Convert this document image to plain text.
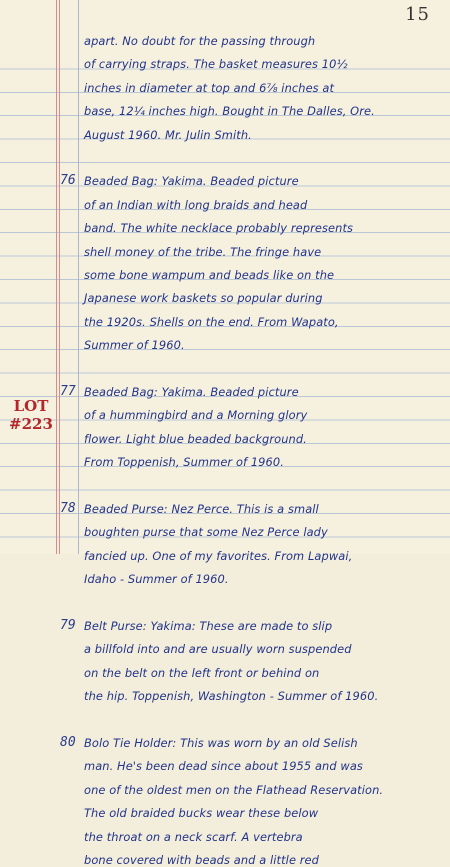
15
LOT
#223
apart. No doubt for the passing through
of carrying straps. The basket measures 10½
inches in diameter at top and 6⅞ inches at
base, 12¼ inches high. Bought in The Dalles, Ore.
August 1960. Mr. Julin Smith.
76 Beaded Bag: Yakima. Beaded picture
of an Indian with long braids and head
band. The white necklace probably represents
shell money of the tribe. The fringe have
some bone wampum and beads like on the
Japanese work baskets so popular during
the 1920s. Shells on the end. From Wapato,
Summer of 1960.
77 Beaded Bag: Yakima. Beaded picture
of a hummingbird and a Morning glory
flower. Light blue beaded background.
From Toppenish, Summer of 1960.
78 Beaded Purse: Nez Perce. This is a small
boughten purse that some Nez Perce lady
fancied up. One of my favorites. From Lapwai,
Idaho - Summer of 1960.
79 Belt Purse: Yakima: These are made to slip
a billfold into and are usually worn suspended
on the belt on the left front or behind on
the hip. Toppenish, Washington - Summer of 1960.
80 Bolo Tie Holder: This was worn by an old Selish
man. He's been dead since about 1955 and was
one of the oldest men on the Flathead Reservation.
The old braided bucks wear these below
the throat on a neck scarf. A vertebra
bone covered with beads and a little red
